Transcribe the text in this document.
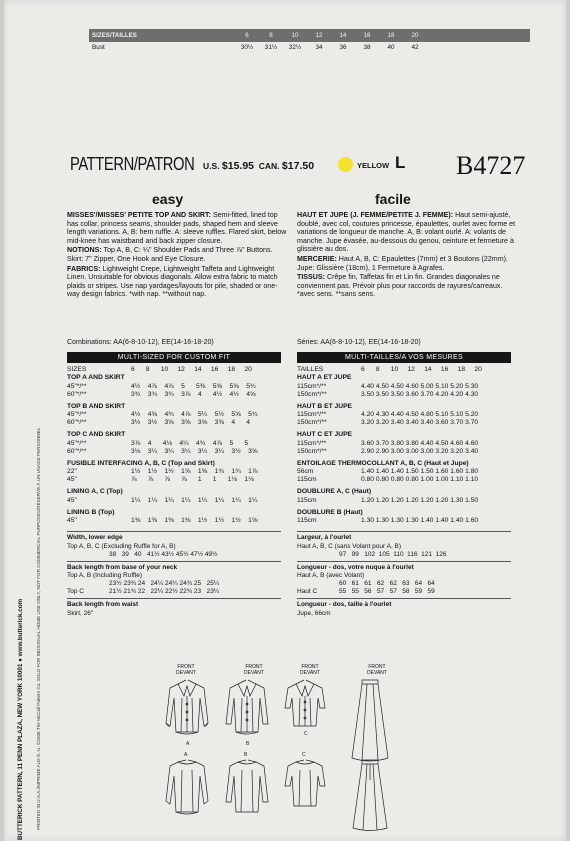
SIZES/TAILLES	6	8	10	12	14	16	18	20
Bust	30½	31½	32½	34	36	38	40	42
PATTERN/PATRON U.S. $15.95 CAN. $17.50	YELLOW L B4727
easy	facile

MISSES'/MISSES' PETITE TOP AND SKIRT: Semi-fitted, lined top has collar, princess seams, shoulder pads, shaped hem and sleeve length variations. A, B: hem ruffle. A: sleeve ruffles. Flared skirt, below mid-knee has waistband and back zipper closure.

NOTIONS: Top A, B, C: ¼" Shoulder Pads and Three ⅞" Buttons. Skirt: 7" Zipper, One Hook and Eye Closure.

FABRICS: Lightweight Crepe, Lightweight Taffeta and Lightweight Linen. Unsuitable for obvious diagonals. Allow extra fabric to match plaids or stripes. Use nap yardages/layouts for pile, shaded or one-way design fabrics. *with nap. **without nap.

HAUT ET JUPE (J. FEMME/PETITE J. FEMME): Haut semi-ajusté, doublé, avec col, coutures princesse, épaulettes, ourlet avec forme et variations de longueur de manche. A, B: volant ourlé. A: volants de manche. Jupe évasée, au-dessous du genou, ceinture et fermeture à glissière au dos.

MERCERIE: Haut A, B, C: Epaulettes (7mm) et 3 Boutons (22mm). Jupe: Glissière (18cm), 1 Fermeture à Agrafes.

TISSUS: Crêpe fin, Taffetas fin et Lin fin. Grandes diagonales ne conviennent pas. Prévoir plus pour raccords de rayures/carreaux. *avec sens. **sans sens.

Combinations: AA(6-8-10-12), EE(14-16-18-20)	Séries: AA(6-8-10-12), EE(14-16-18-20)
MULTI-SIZED FOR CUSTOM FIT
SIZES	6      8      10     12     14     16     18     20
TOP A AND SKIRT
45"*/**	4½    4⅞    4⅞    5      5⅜    5⅝    5⅝    5¾
60"*/**	3¾    3¾    3¾    3⅞    4      4½    4½    4⅝
TOP B AND SKIRT
45"*/**	4½    4⅝    4¾    4⅞    5¼    5½    5⅝    5¾
60"*/**	3½    3½    3⅝    3⅝    3⅝    3⅝    4      4
TOP C AND SKIRT
45"*/**	3⅞    4      4⅛    4¼    4¾    4⅞    5      5
60"*/**	3⅛    3¼    3¼    3¼    3¼    3¼    3½    3⅝
FUSIBLE INTERFACING A, B, C (Top and Skirt)
22"	1½    1½    1½    1⅝    1⅝    1¾    1¾    1⅞
45"	⅞      ⅞      ⅞      ⅞      1      1      1⅛    1⅛
LINING A, C (Top)
45"	1¼    1¼    1¼    1¼    1¼    1¼    1¼    1¼
LINING B (Top)
45"	1⅜    1⅜    1⅜    1⅜    1½    1½    1½    1⅝
Width, lower edge
Top A, B, C (Excluding Ruffle for A, B)
38   39   40   41½ 43½ 45½ 47½ 49½
Back length from base of your neck
Top A, B (Including Ruffle)
23½ 23¾ 24   24¼ 24¼ 24¾ 25   25¼
Top C	21½ 21¾ 22   22¼ 22½ 22¾ 23   23¼
Back length from waist
Skirt, 26"
MULTI-TAILLES/A VOS MESURES
TAILLES	6      8      10     12     14     16     18     20
HAUT A ET JUPE
115cm*/**	4.40 4.50 4.50 4.60 5.00 5.10 5.20 5.30
150cm*/**	3.50 3.50 3.50 3.60 3.70 4.20 4.20 4.30
HAUT B ET JUPE
115cm*/**	4.20 4.30 4.40 4.50 4.80 5.10 5.10 5.20
150cm*/**	3.20 3.20 3.40 3.40 3.40 3.60 3.70 3.70
HAUT C ET JUPE
115cm*/**	3.60 3.70 3.80 3.80 4.40 4.50 4.60 4.60
150cm*/**	2.90 2.90 3.00 3.00 3.00 3.20 3.20 3.40
ENTOILAGE THERMOCOLLANT A, B, C (Haut et Jupe)
56cm	1.40 1.40 1.40 1.50 1.50 1.60 1.60 1.80
115cm	0.80 0.80 0.80 0.80 1.00 1.00 1.10 1.10
DOUBLURE A, C (Haut)
115cm	1.20 1.20 1.20 1.20 1.20 1.20 1.30 1.50
DOUBLURE B (Haut)
115cm	1.30 1.30 1.30 1.30 1.40 1.40 1.40 1.60
Largeur, à l'ourlet
Haut A, B, C (sans Volant pour A, B)
97   99   102  105  110  116  121  126
Longueur - dos, votre nuque à l'ourlet
Haut A, B (avec Volant)
60   61   61   62   62   63   64   64
Haut C	55   55   56   57   57   58   59   59
Longueur - dos, taille à l'ourlet
Jupe, 66cm
BUTTERICK PATTERN, 11 PENN PLAZA, NEW YORK 10001 ● www.butterick.com	PRINTED IN U.S.A./IMPRIMÉ AUX É.-U. ©2006 The McCall Pattern Co. SOLD FOR INDIVIDUAL HOME USE ONLY, NOT FOR COMMERCIAL PURPOSES/RÉSERVÉ À UN USAGE PERSONNEL	FRONT
DEVANT
FRONT
DEVANT
FRONT
DEVANT
FRONT
DEVANT
A	B	C
A	B
C
